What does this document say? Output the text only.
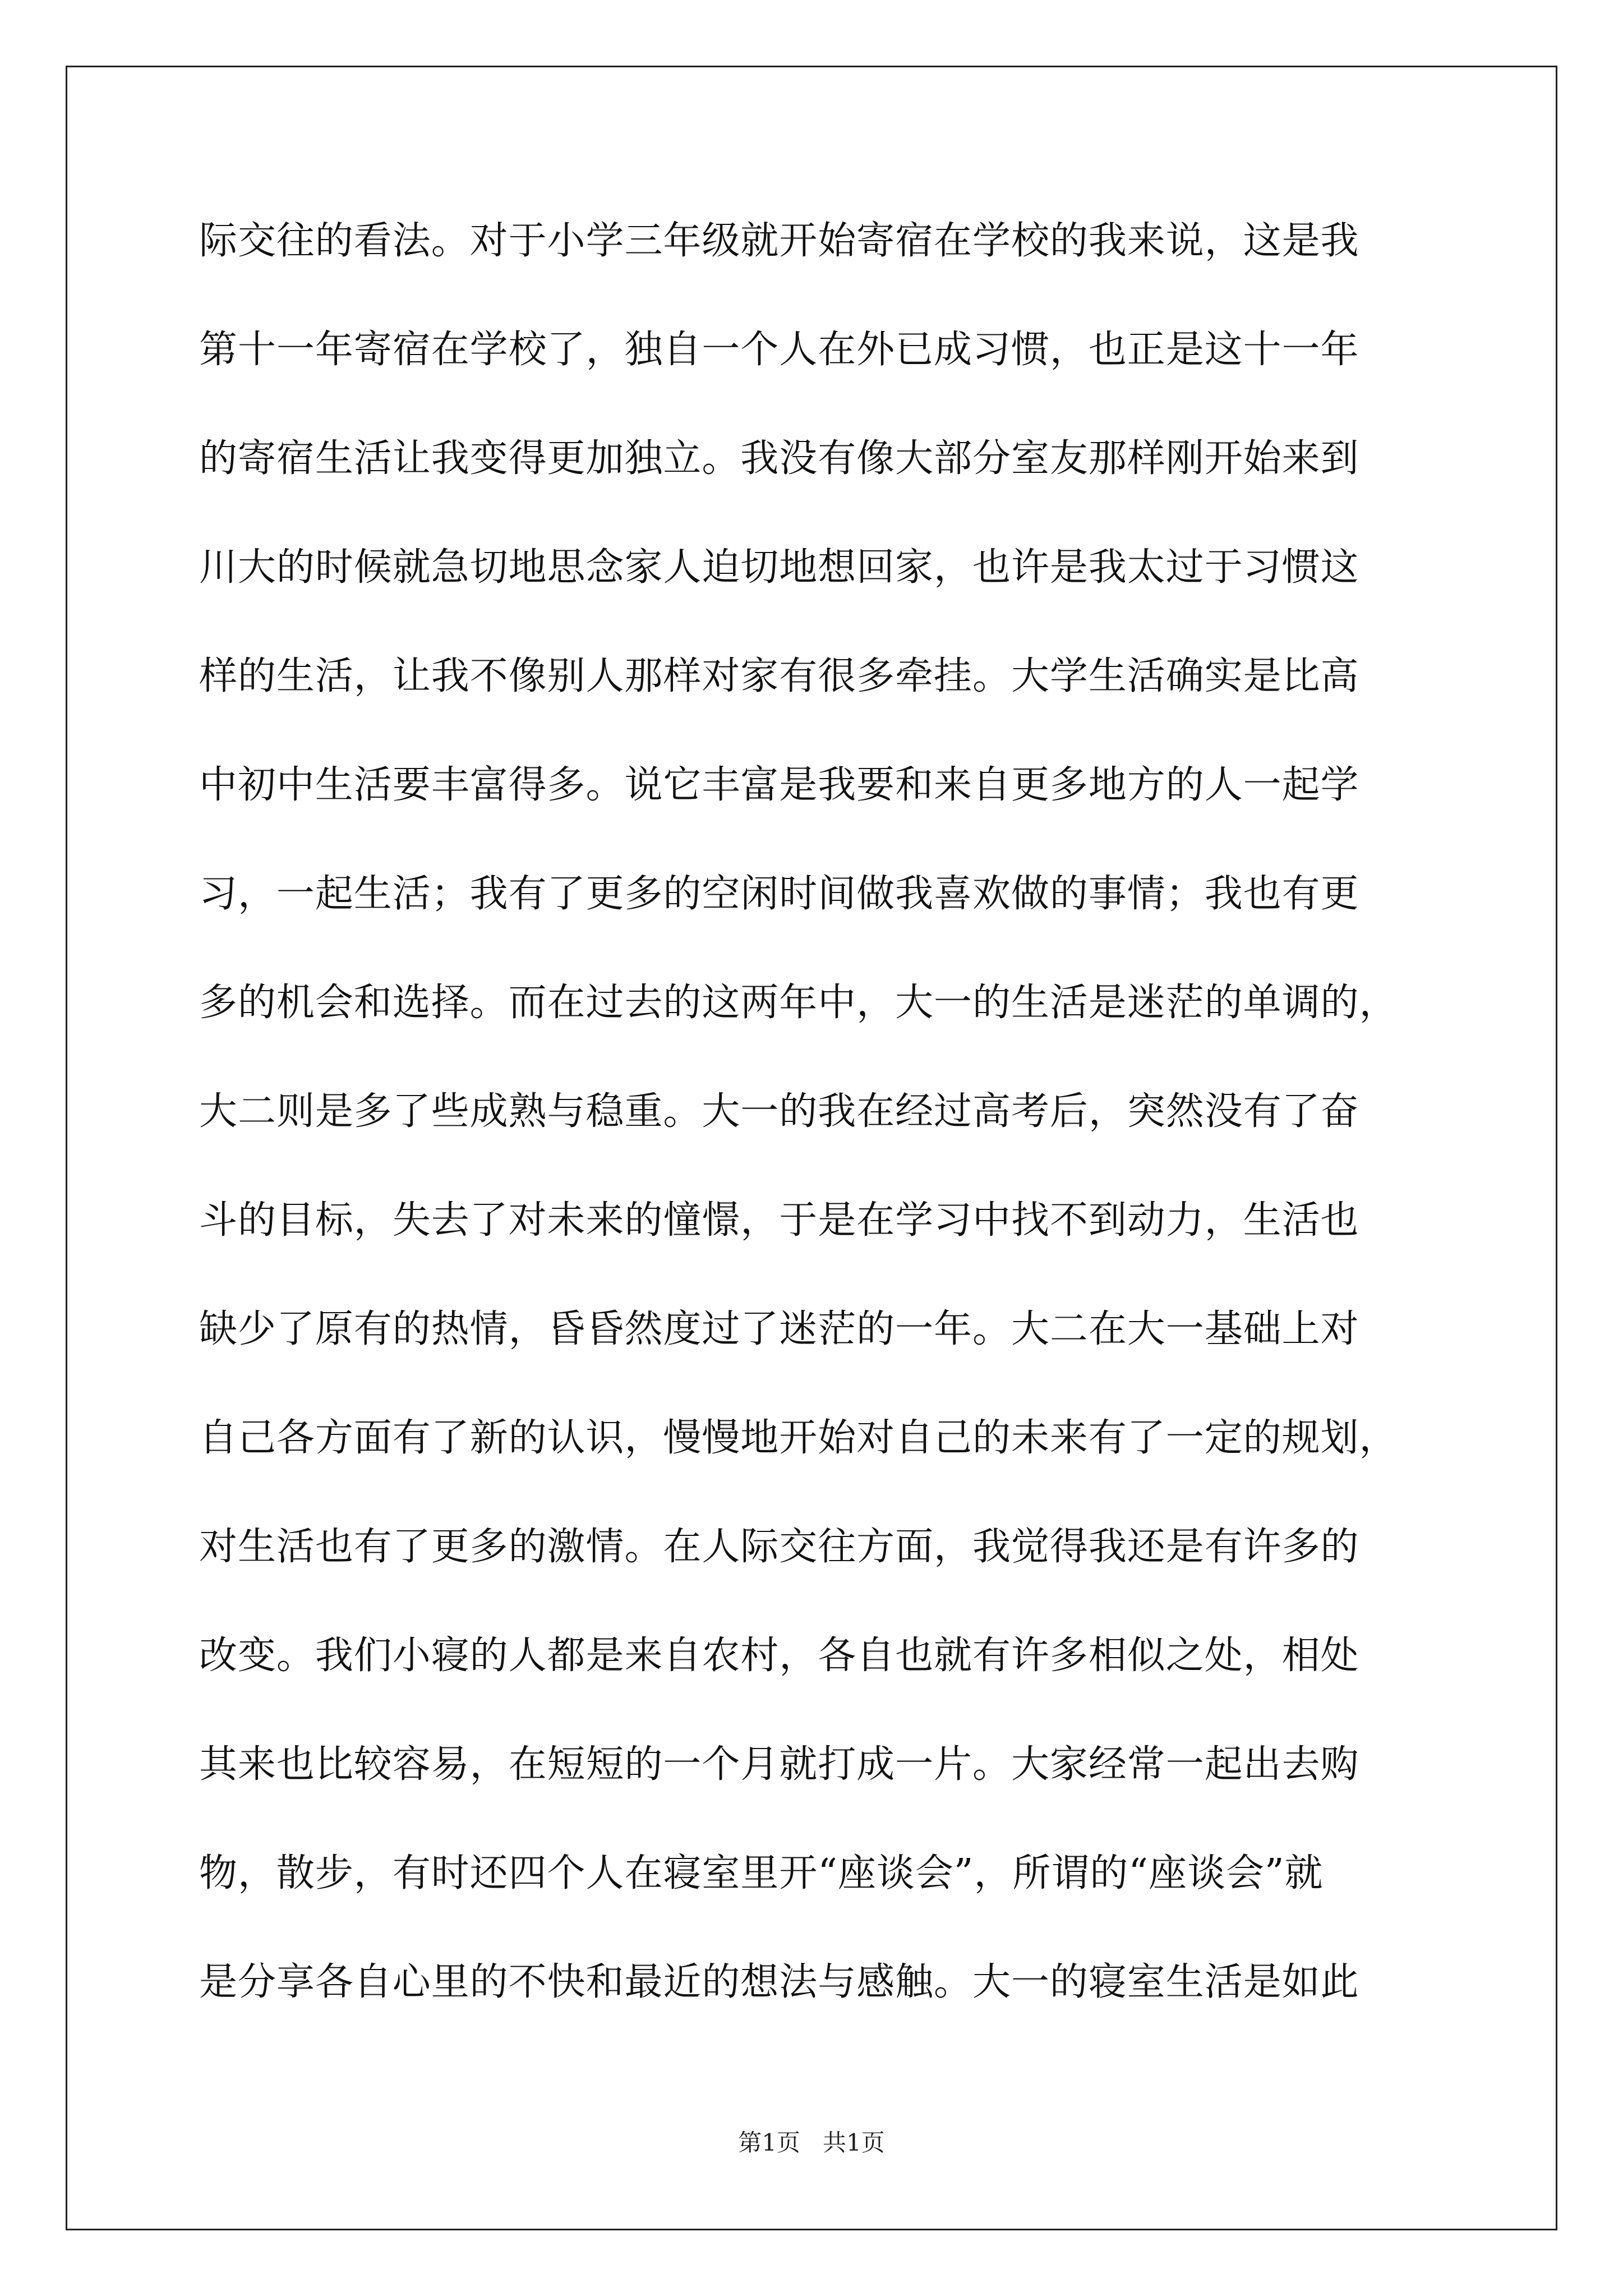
际交往的看法。对于小学三年级就开始寄宿在学校的我来说，这是我
第十一年寄宿在学校了，独自一个人在外已成习惯，也正是这十一年
的寄宿生活让我变得更加独立。我没有像大部分室友那样刚开始来到
川大的时候就急切地思念家人迫切地想回家，也许是我太过于习惯这
样的生活，让我不像别人那样对家有很多牵挂。大学生活确实是比高
中初中生活要丰富得多。说它丰富是我要和来自更多地方的人一起学
习，一起生活；我有了更多的空闲时间做我喜欢做的事情；我也有更
多的机会和选择。而在过去的这两年中，大一的生活是迷茫的单调的，
大二则是多了些成熟与稳重。大一的我在经过高考后，突然没有了奋
斗的目标，失去了对未来的憧憬，于是在学习中找不到动力，生活也
缺少了原有的热情，昏昏然度过了迷茫的一年。大二在大一基础上对
自己各方面有了新的认识，慢慢地开始对自己的未来有了一定的规划，
对生活也有了更多的激情。在人际交往方面，我觉得我还是有许多的
改变。我们小寝的人都是来自农村，各自也就有许多相似之处，相处
其来也比较容易，在短短的一个月就打成一片。大家经常一起出去购
物，散步，有时还四个人在寝室里开“座谈会”，所谓的“座谈会”就
是分享各自心里的不快和最近的想法与感触。大一的寝室生活是如此
第1页 共1页
